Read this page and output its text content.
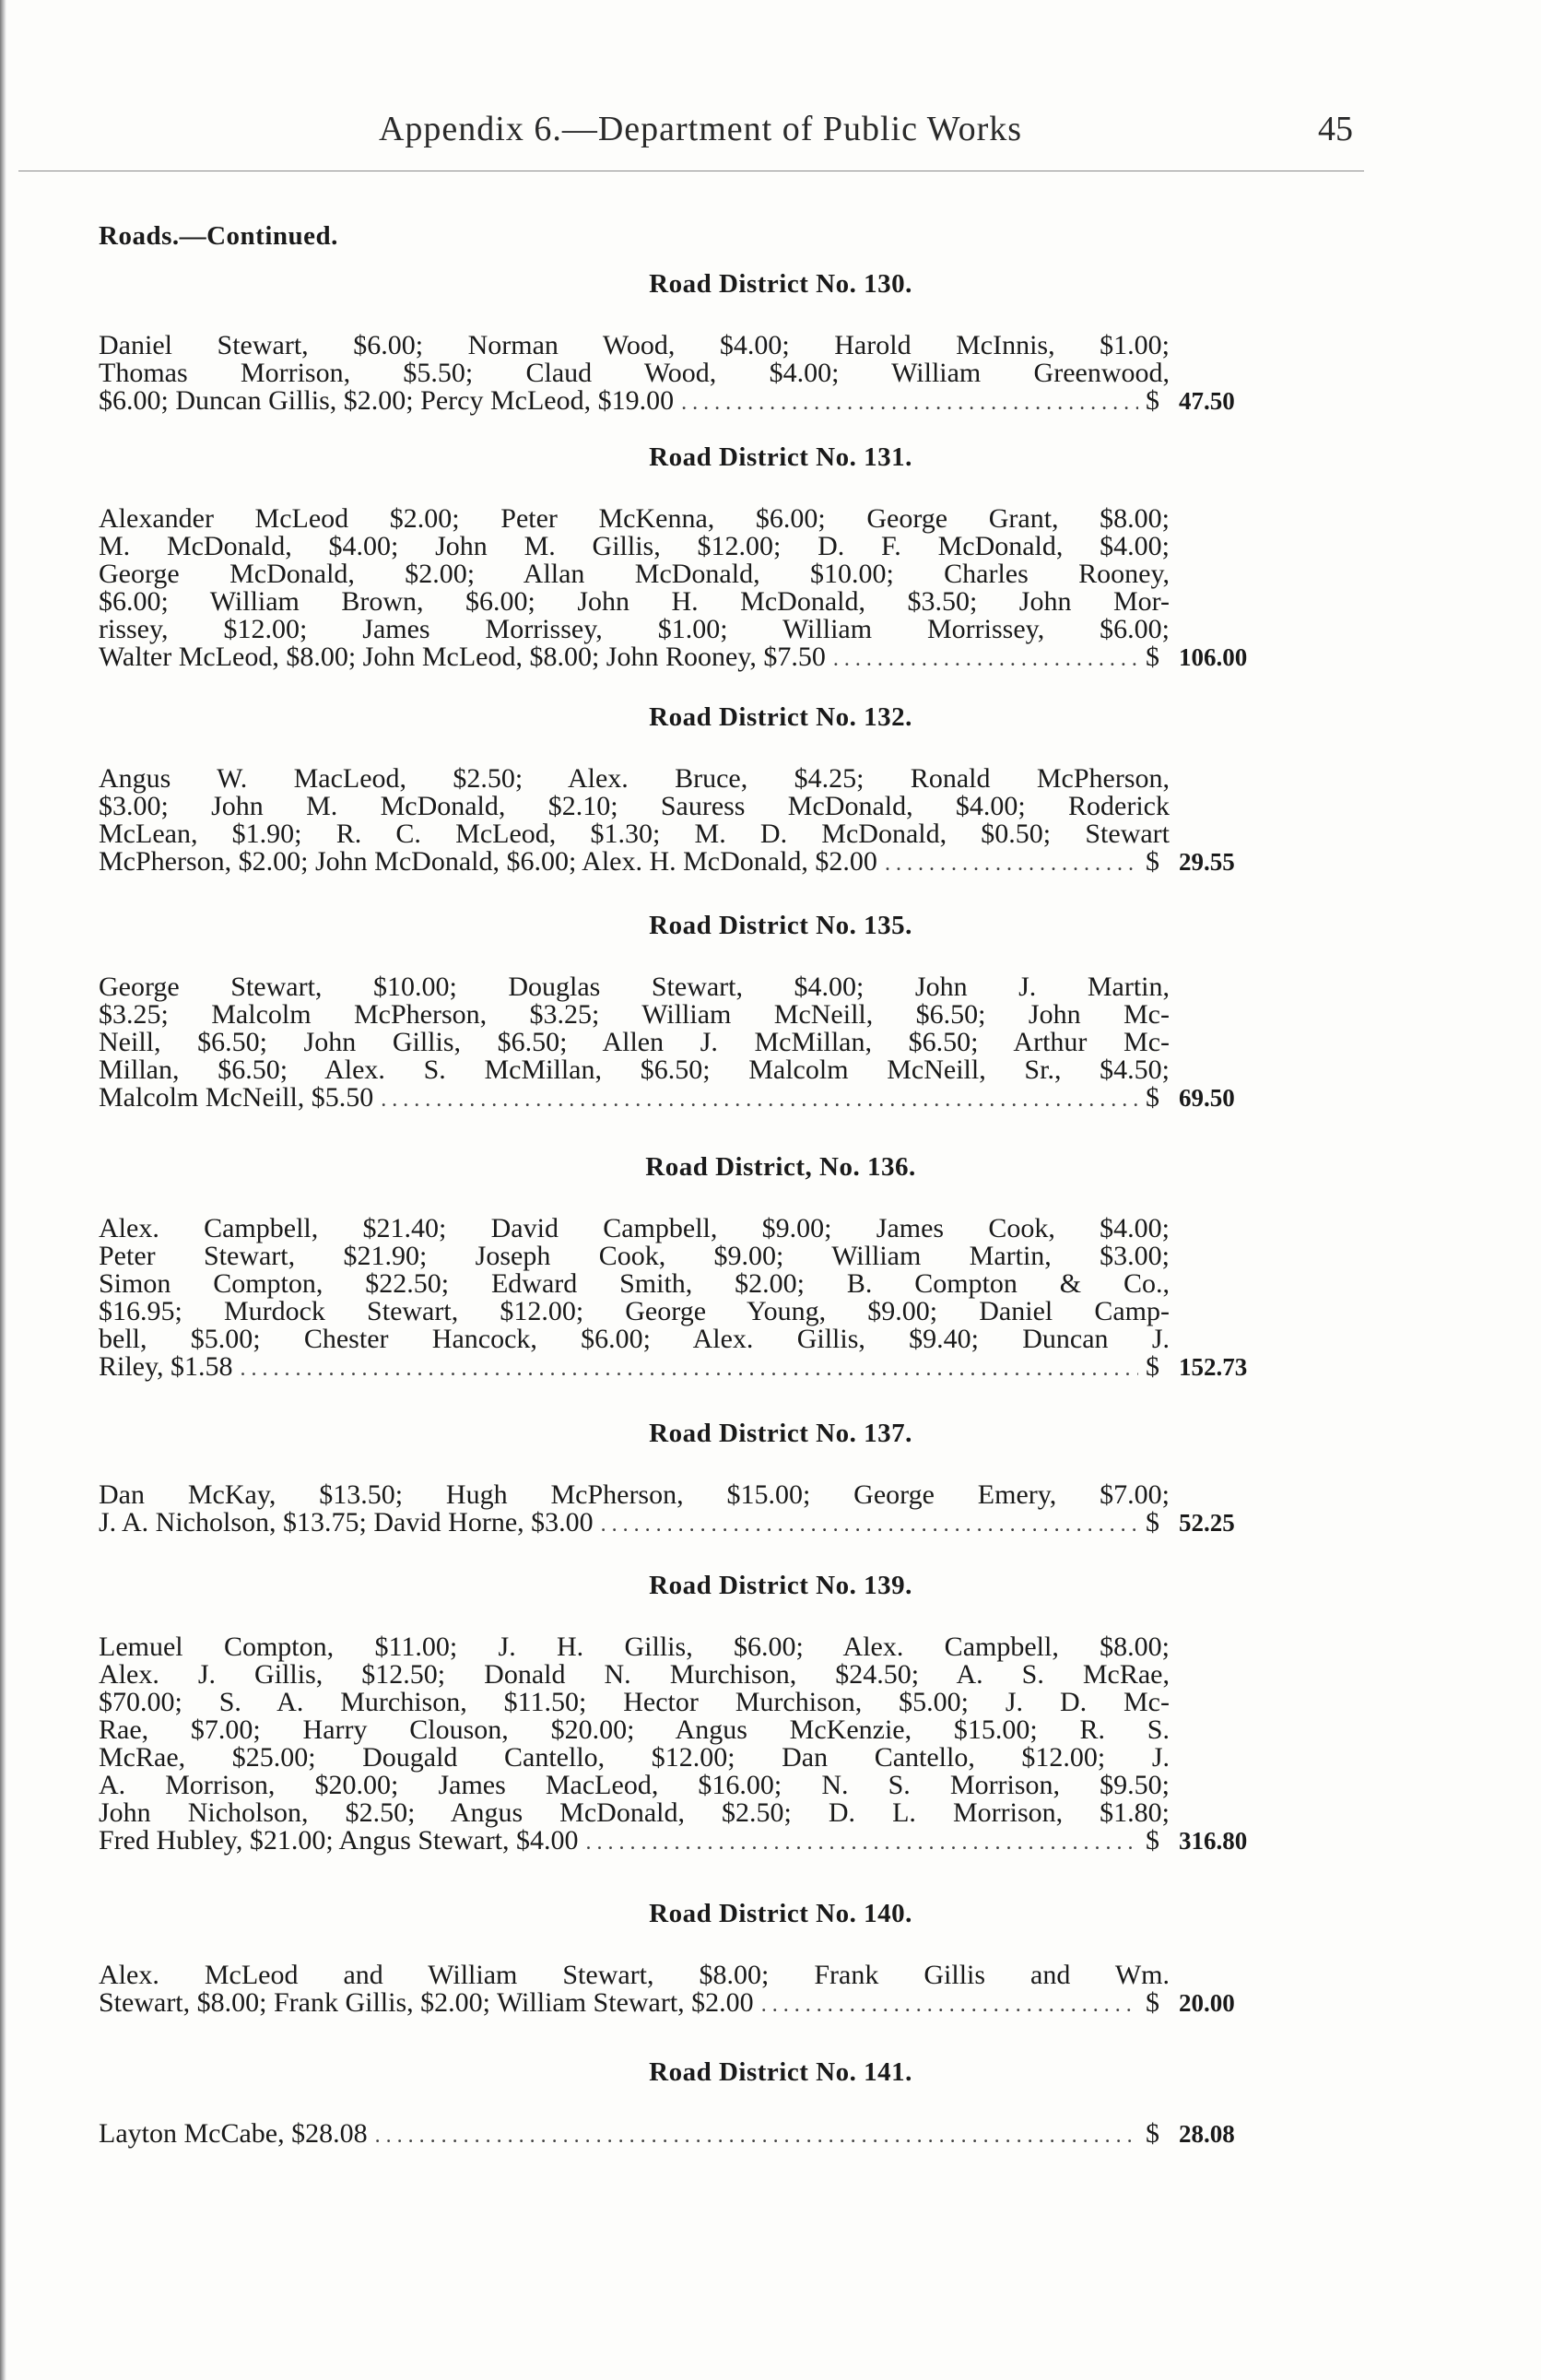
Appendix 6.—Department of Public Works	45
Roads.—Continued.
Road District No. 130.
Daniel Stewart, $6.00; Norman Wood, $4.00; Harold McInnis, $1.00;
Thomas Morrison, $5.50; Claud Wood, $4.00; William Greenwood,
$6.00; Duncan Gillis, $2.00; Percy McLeod, $19.00 . . .	$ 47.50
Road District No. 131.
Alexander McLeod $2.00; Peter McKenna, $6.00; George Grant, $8.00;
M. McDonald, $4.00; John M. Gillis, $12.00; D. F. McDonald, $4.00;
George McDonald, $2.00; Allan McDonald, $10.00; Charles Rooney,
$6.00; William Brown, $6.00; John H. McDonald, $3.50; John Mor-
rissey, $12.00; James Morrissey, $1.00; William Morrissey, $6.00;
Walter McLeod, $8.00; John McLeod, $8.00; John Rooney, $7.50 . . .	$ 106.00
Road District No. 132.
Angus W. MacLeod, $2.50; Alex. Bruce, $4.25; Ronald McPherson,
$3.00; John M. McDonald, $2.10; Sauress McDonald, $4.00; Roderick
McLean, $1.90; R. C. McLeod, $1.30; M. D. McDonald, $0.50; Stewart
McPherson, $2.00; John McDonald, $6.00; Alex. H. McDonald, $2.00 . . .	$ 29.55
Road District No. 135.
George Stewart, $10.00; Douglas Stewart, $4.00; John J. Martin,
$3.25; Malcolm McPherson, $3.25; William McNeill, $6.50; John Mc-
Neill, $6.50; John Gillis, $6.50; Allen J. McMillan, $6.50; Arthur Mc-
Millan, $6.50; Alex. S. McMillan, $6.50; Malcolm McNeill, Sr., $4.50;
Malcolm McNeill, $5.50 . . .	$ 69.50
Road District, No. 136.
Alex. Campbell, $21.40; David Campbell, $9.00; James Cook, $4.00;
Peter Stewart, $21.90; Joseph Cook, $9.00; William Martin, $3.00;
Simon Compton, $22.50; Edward Smith, $2.00; B. Compton & Co.,
$16.95; Murdock Stewart, $12.00; George Young, $9.00; Daniel Camp-
bell, $5.00; Chester Hancock, $6.00; Alex. Gillis, $9.40; Duncan J.
Riley, $1.58 . . .	$ 152.73
Road District No. 137.
Dan McKay, $13.50; Hugh McPherson, $15.00; George Emery, $7.00;
J. A. Nicholson, $13.75; David Horne, $3.00 . . .	$ 52.25
Road District No. 139.
Lemuel Compton, $11.00; J. H. Gillis, $6.00; Alex. Campbell, $8.00;
Alex. J. Gillis, $12.50; Donald N. Murchison, $24.50; A. S. McRae,
$70.00; S. A. Murchison, $11.50; Hector Murchison, $5.00; J. D. Mc-
Rae, $7.00; Harry Clouson, $20.00; Angus McKenzie, $15.00; R. S.
McRae, $25.00; Dougald Cantello, $12.00; Dan Cantello, $12.00; J.
A. Morrison, $20.00; James MacLeod, $16.00; N. S. Morrison, $9.50;
John Nicholson, $2.50; Angus McDonald, $2.50; D. L. Morrison, $1.80;
Fred Hubley, $21.00; Angus Stewart, $4.00 . . .	$ 316.80
Road District No. 140.
Alex. McLeod and William Stewart, $8.00; Frank Gillis and Wm.
Stewart, $8.00; Frank Gillis, $2.00; William Stewart, $2.00 . . .	$ 20.00
Road District No. 141.
Layton McCabe, $28.08 . . .	$ 28.08
